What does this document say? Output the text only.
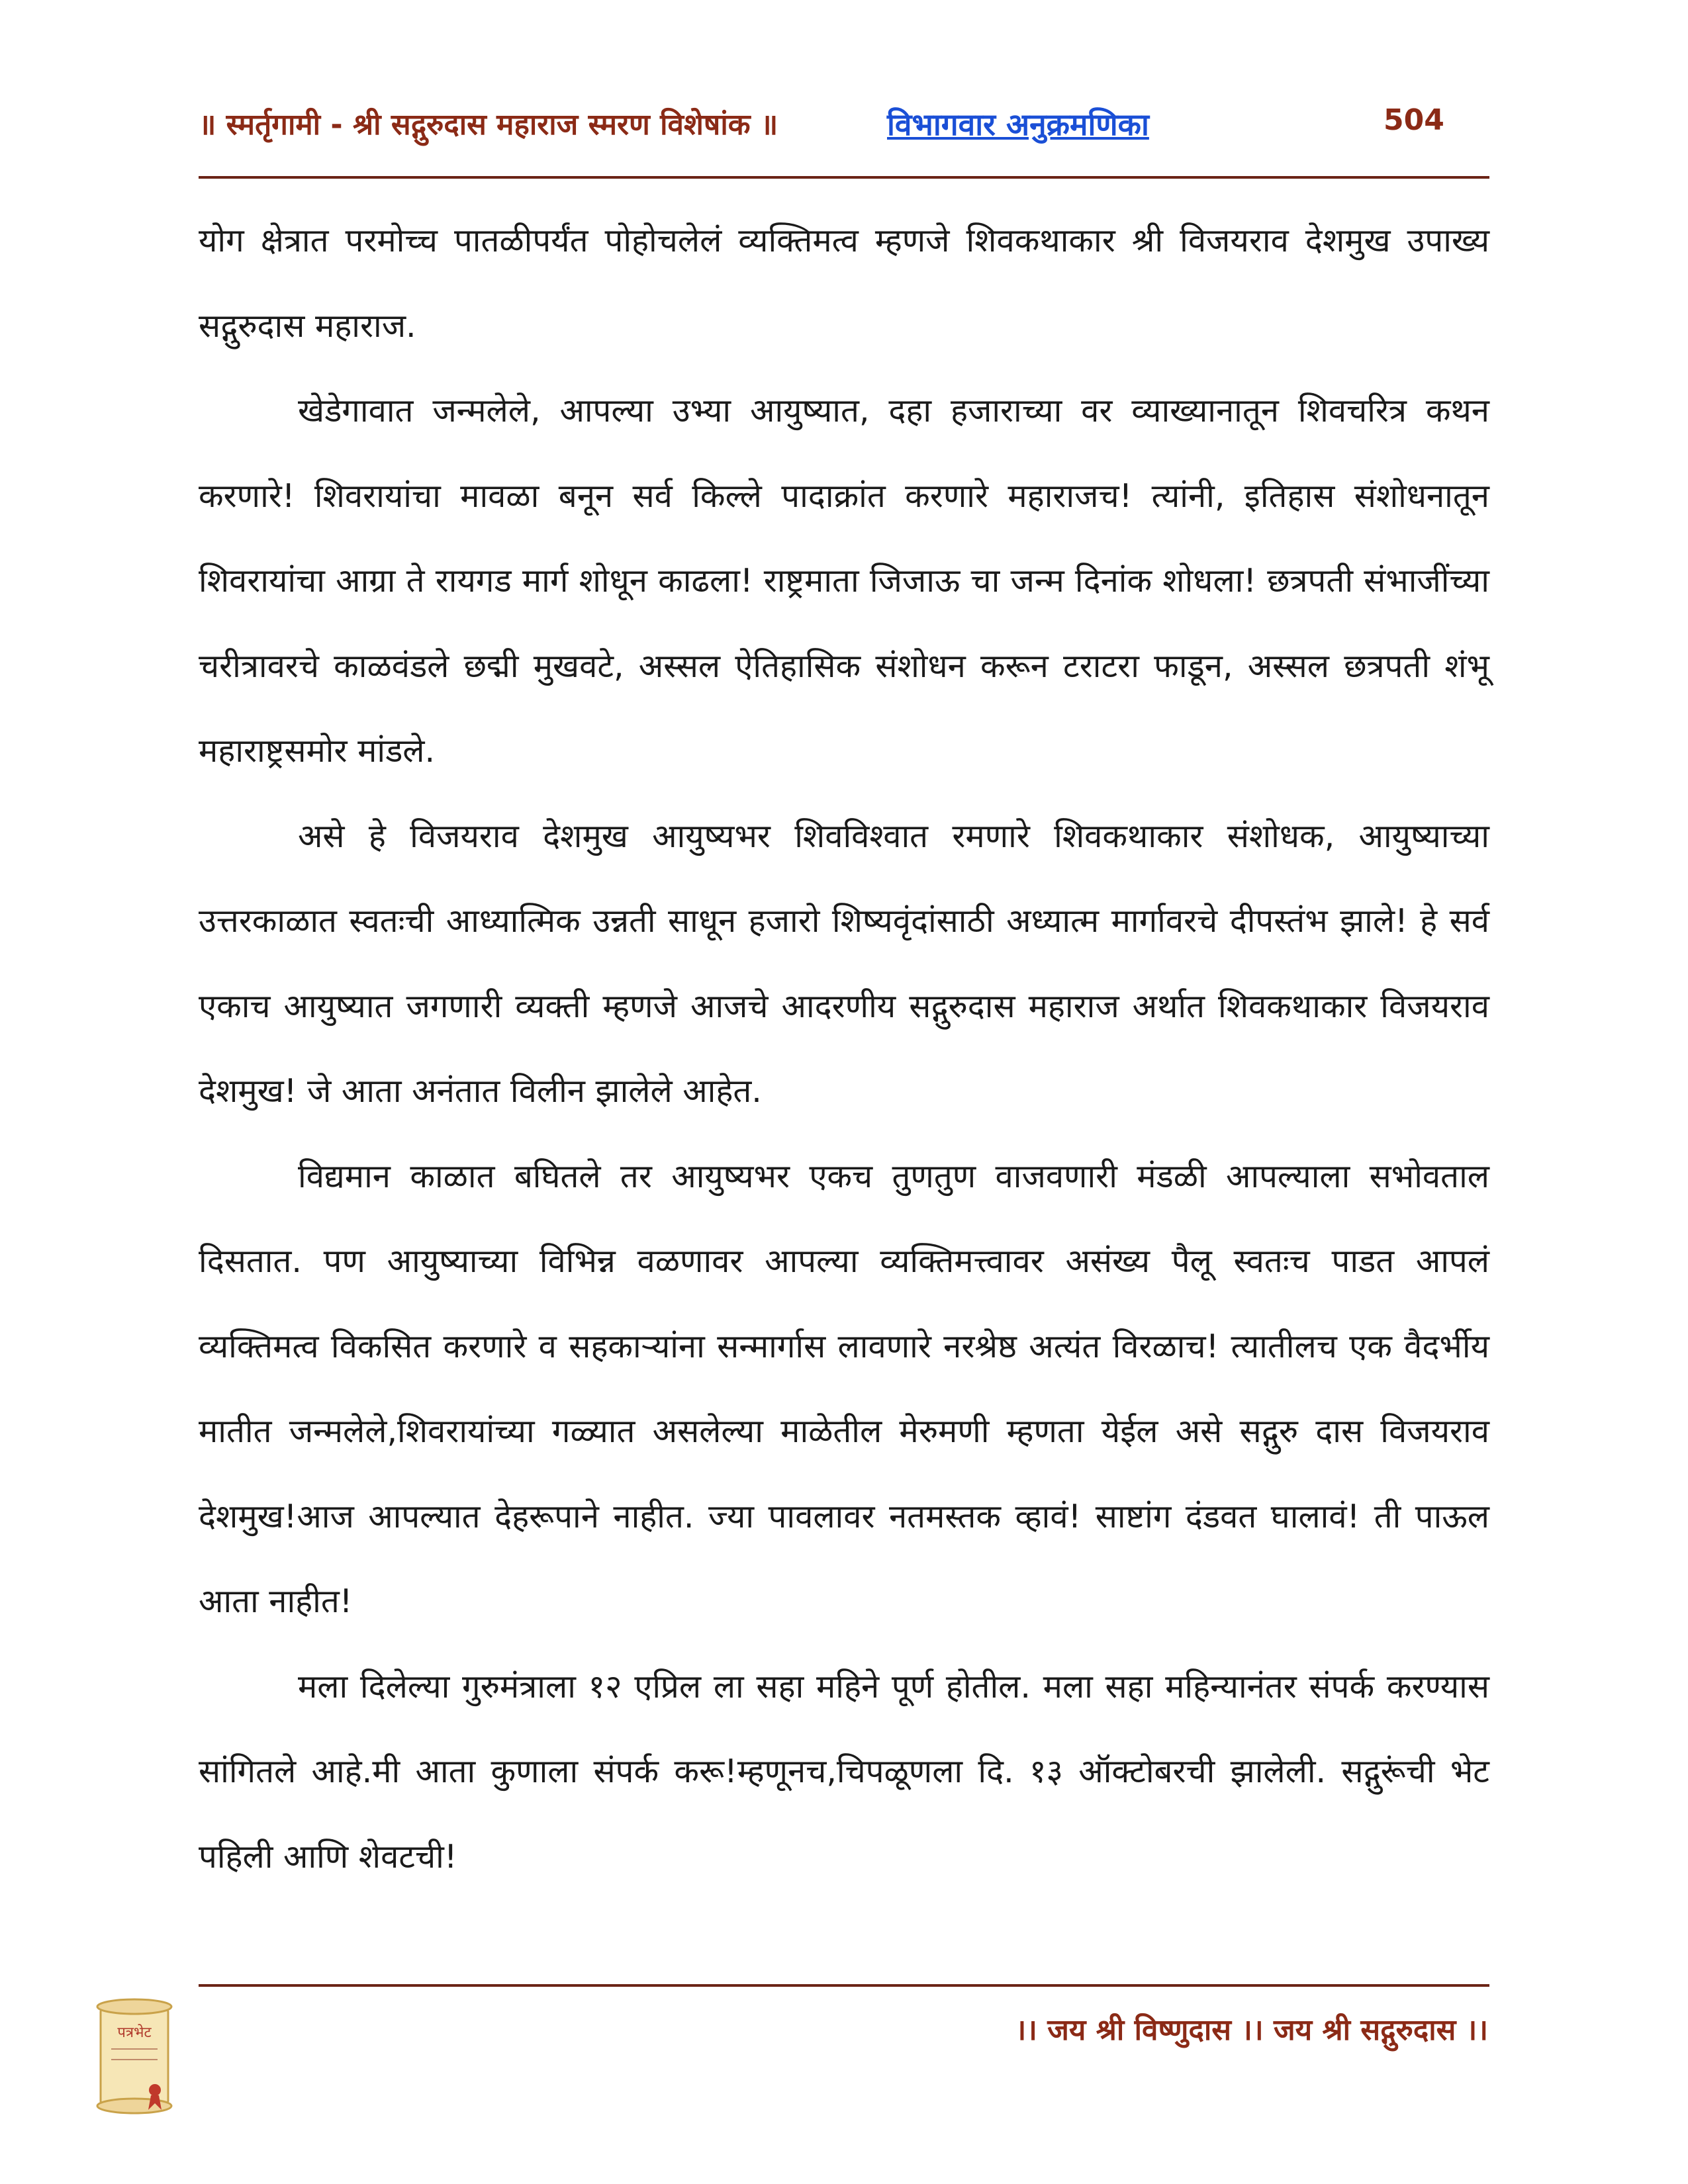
॥ स्मर्तृगामी - श्री सद्गुरुदास महाराज स्मरण विशेषांक ॥	विभागवार अनुक्रमणिका	504

योग क्षेत्रात परमोच्च पातळीपर्यंत पोहोचलेलं व्यक्तिमत्व म्हणजे शिवकथाकार श्री विजयराव देशमुख उपाख्य सद्गुरुदास महाराज.

खेडेगावात जन्मलेले, आपल्या उभ्या आयुष्यात, दहा हजाराच्या वर व्याख्यानातून शिवचरित्र कथन करणारे! शिवरायांचा मावळा बनून सर्व किल्ले पादाक्रांत करणारे महाराजच! त्यांनी, इतिहास संशोधनातून शिवरायांचा आग्रा ते रायगड मार्ग शोधून काढला! राष्ट्रमाता जिजाऊ चा जन्म दिनांक शोधला! छत्रपती संभाजींच्या चरीत्रावरचे काळवंडले छद्मी मुखवटे, अस्सल ऐतिहासिक संशोधन करून टराटरा फाडून, अस्सल छत्रपती शंभू महाराष्ट्रसमोर मांडले.

असे हे विजयराव देशमुख आयुष्यभर शिवविश्वात रमणारे शिवकथाकार संशोधक, आयुष्याच्या उत्तरकाळात स्वतःची आध्यात्मिक उन्नती साधून हजारो शिष्यवृंदांसाठी अध्यात्म मार्गावरचे दीपस्तंभ झाले! हे सर्व एकाच आयुष्यात जगणारी व्यक्ती म्हणजे आजचे आदरणीय सद्गुरुदास महाराज अर्थात शिवकथाकार विजयराव देशमुख! जे आता अनंतात विलीन झालेले आहेत.

विद्यमान काळात बघितले तर आयुष्यभर एकच तुणतुण वाजवणारी मंडळी आपल्याला सभोवताल दिसतात. पण आयुष्याच्या विभिन्न वळणावर आपल्या व्यक्तिमत्त्वावर असंख्य पैलू स्वतःच पाडत आपलं व्यक्तिमत्व विकसित करणारे व सहकाऱ्यांना सन्मार्गास लावणारे नरश्रेष्ठ अत्यंत विरळाच! त्यातीलच एक वैदर्भीय मातीत जन्मलेले,शिवरायांच्या गळ्यात असलेल्या माळेतील मेरुमणी म्हणता येईल असे सद्गुरु दास विजयराव देशमुख!आज आपल्यात देहरूपाने नाहीत. ज्या पावलावर नतमस्तक व्हावं! साष्टांग दंडवत घालावं! ती पाऊल आता नाहीत!

मला दिलेल्या गुरुमंत्राला १२ एप्रिल ला सहा महिने पूर्ण होतील. मला सहा महिन्यानंतर संपर्क करण्यास सांगितले आहे.मी आता कुणाला संपर्क करू!म्हणूनच,चिपळूणला दि. १३ ऑक्टोबरची झालेली. सद्गुरूंची भेट पहिली आणि शेवटची!

।। जय श्री विष्णुदास ।। जय श्री सद्गुरुदास ।।
पत्रभेट
